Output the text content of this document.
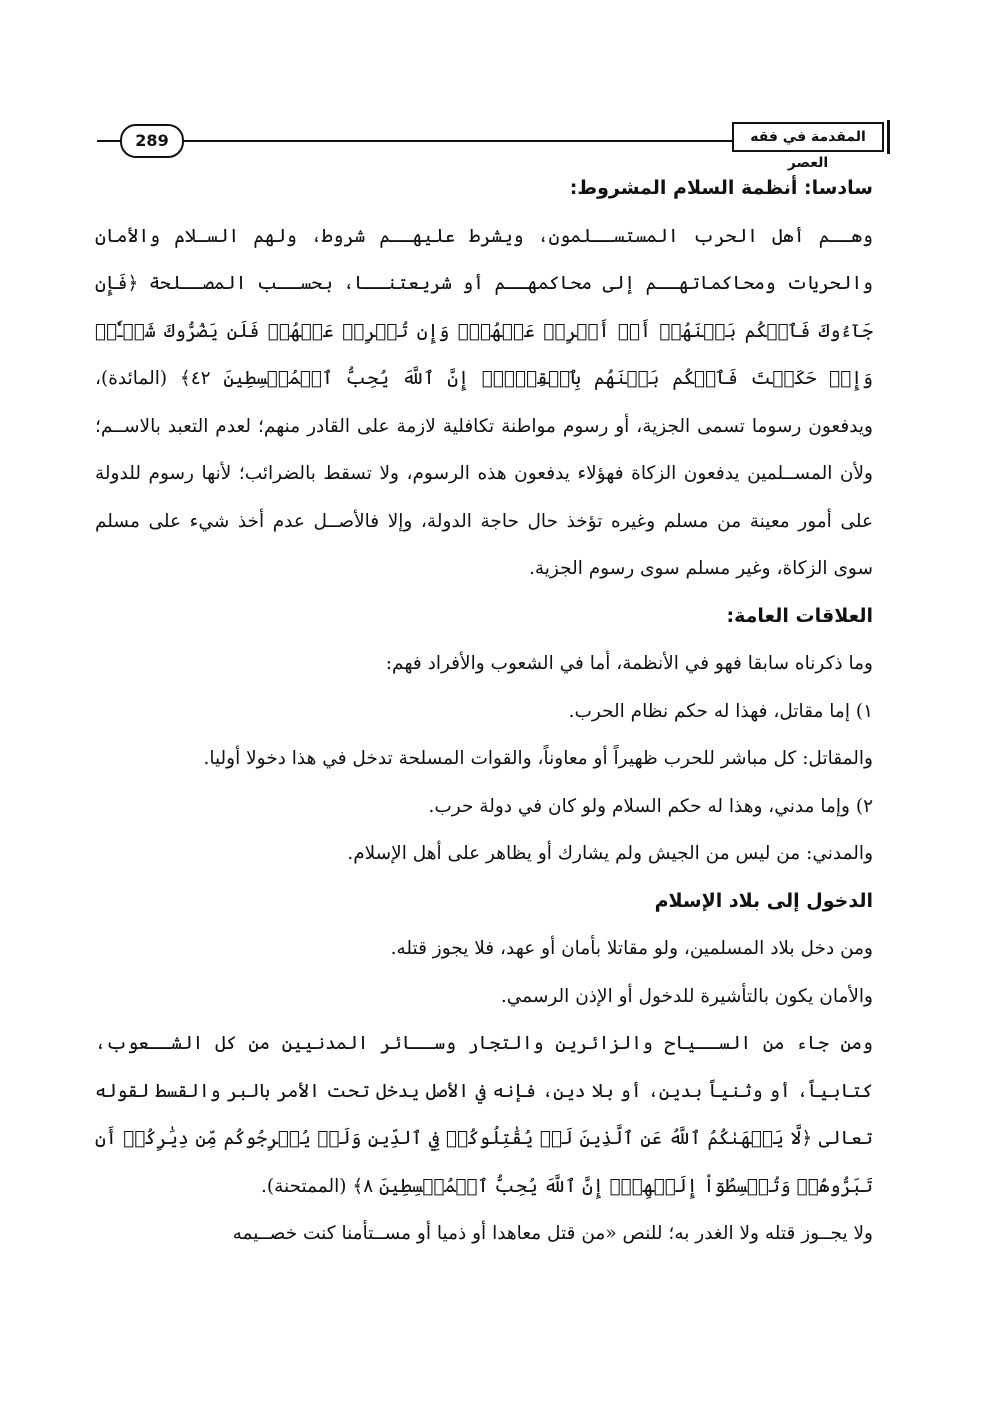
289	المقدمة في فقه العصر

سادسا: أنظمة السلام المشروط:

وهــم أهل الحرب المستســلمون، ويشرط عليهــم شروط، ولهم السـلام والأمان والحريات ومحاكماتهــم إلى محاكمهــم أو شريعتنــا، بحســب المصــلحة ﴿فَإِن جَآءُوكَ فَٱحۡكُم بَيۡنَهُمۡ أَوۡ أَعۡرِضۡ عَنۡهُمۡۖ وَإِن تُعۡرِضۡ عَنۡهُمۡ فَلَن يَضُرُّوكَ شَيۡـٔٗاۖ وَإِنۡ حَكَمۡتَ فَٱحۡكُم بَيۡنَهُم بِٱلۡقِسۡطِۚ إِنَّ ٱللَّهَ يُحِبُّ ٱلۡمُقۡسِطِينَ ٤٢﴾ (المائدة)، ويدفعون رسوما تسمى الجزية، أو رسوم مواطنة تكافلية لازمة على القادر منهم؛ لعدم التعبد بالاســم؛ ولأن المســلمين يدفعون الزكاة فهؤلاء يدفعون هذه الرسوم، ولا تسقط بالضرائب؛ لأنها رسوم للدولة على أمور معينة من مسلم وغيره تؤخذ حال حاجة الدولة، وإلا فالأصــل عدم أخذ شيء على مسلم سوى الزكاة، وغير مسلم سوى رسوم الجزية.

العلاقات العامة:

وما ذكرناه سابقا فهو في الأنظمة، أما في الشعوب والأفراد فهم:

١) إما مقاتل، فهذا له حكم نظام الحرب.

والمقاتل: كل مباشر للحرب ظهيراً أو معاوناً، والقوات المسلحة تدخل في هذا دخولا أوليا.

٢) وإما مدني، وهذا له حكم السلام ولو كان في دولة حرب.

والمدني: من ليس من الجيش ولم يشارك أو يظاهر على أهل الإسلام.

الدخول إلى بلاد الإسلام

ومن دخل بلاد المسلمين، ولو مقاتلا بأمان أو عهد، فلا يجوز قتله.

والأمان يكون بالتأشيرة للدخول أو الإذن الرسمي.

ومن جاء من الســياح والزائرين والتجار وســائر المدنيين من كل الشــعوب، كتابياً، أو وثنياً بدين، أو بلا دين، فإنه في الأصل يدخل تحت الأمر بالبر والقسط لقوله تعالى ﴿لَّا يَنۡهَىٰكُمُ ٱللَّهُ عَنِ ٱلَّذِينَ لَمۡ يُقَٰتِلُوكُمۡ فِي ٱلدِّينِ وَلَمۡ يُخۡرِجُوكُم مِّن دِيَٰرِكُمۡ أَن تَبَرُّوهُمۡ وَتُقۡسِطُوٓاْ إِلَيۡهِمۡۚ إِنَّ ٱللَّهَ يُحِبُّ ٱلۡمُقۡسِطِينَ ٨﴾ (الممتحنة).

ولا يجــوز قتله ولا الغدر به؛ للنص «من قتل معاهدا أو ذميا أو مســتأمنا كنت خصــيمه
